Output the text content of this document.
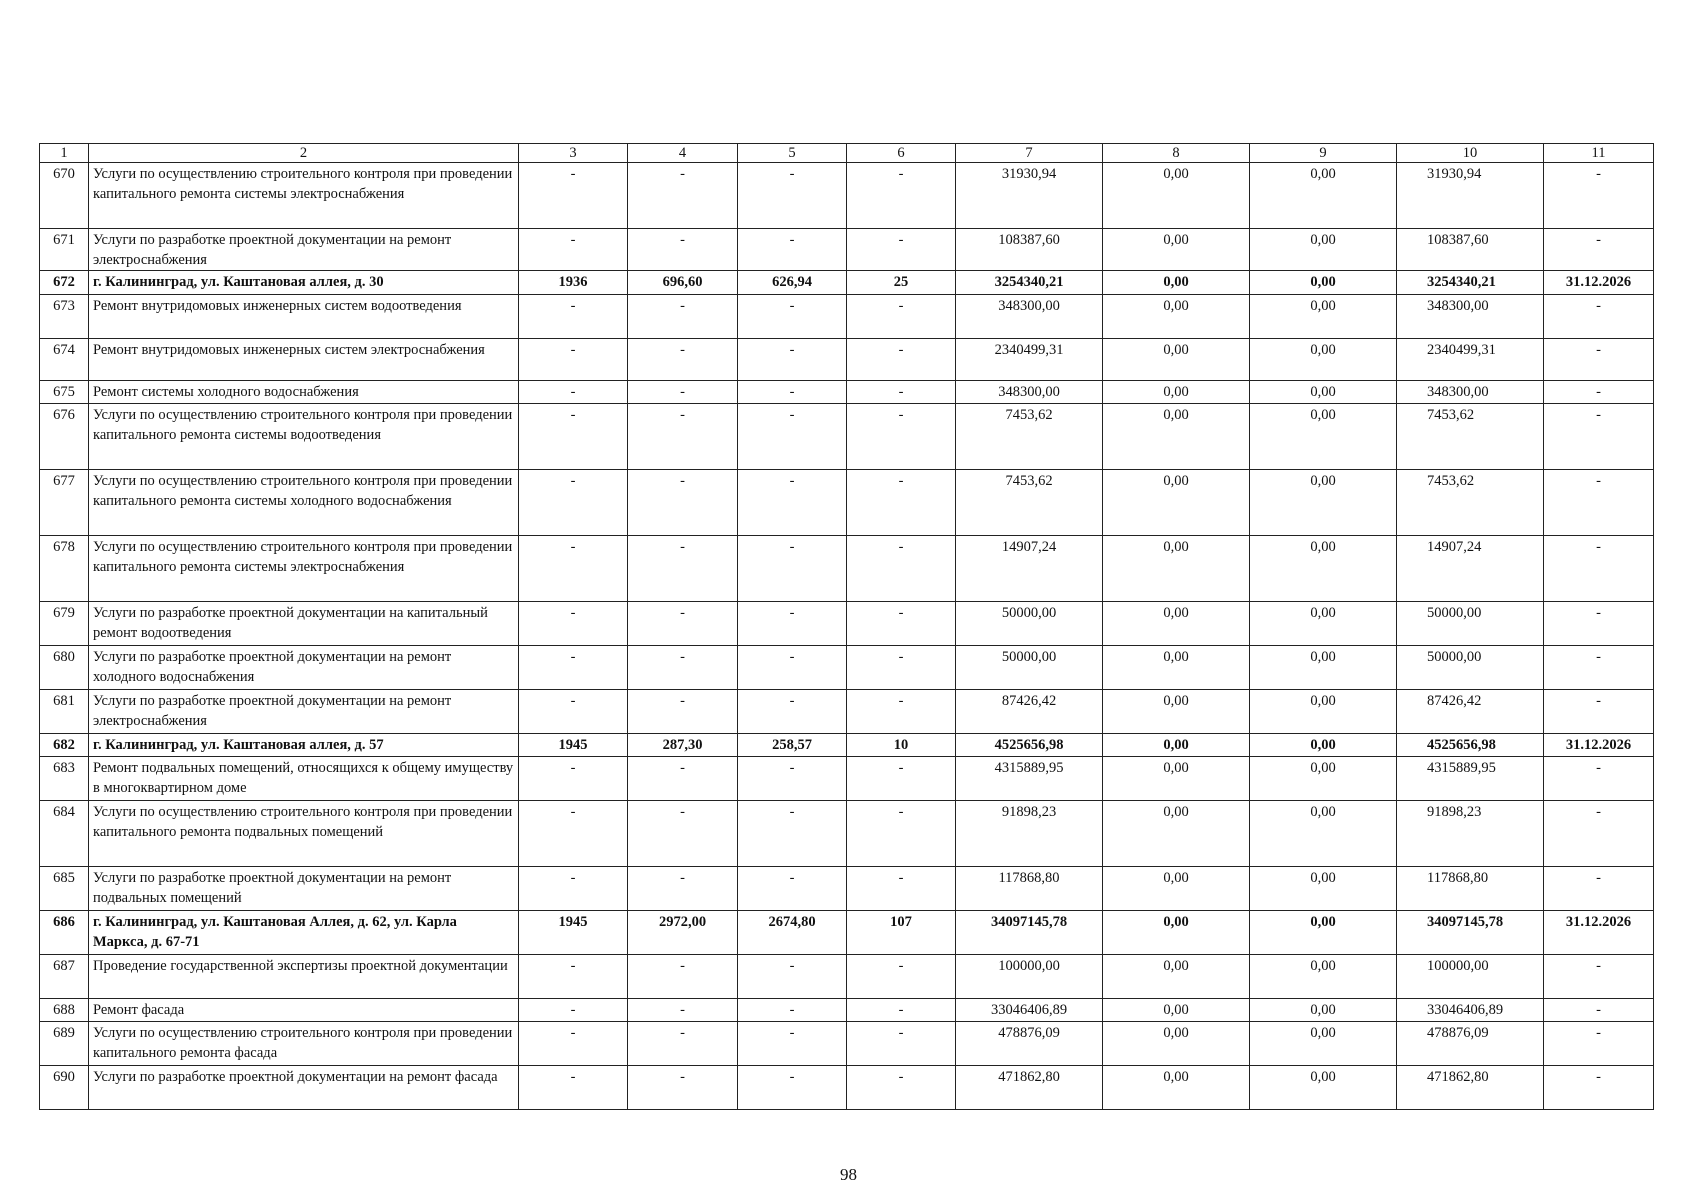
1	2	3	4	5	6	7	8	9	10	11
670	Услуги по осуществлению строительного контроля при проведении капитального ремонта системы электроснабжения	-	-	-	-	31930,94	0,00	0,00	31930,94	-
671	Услуги по разработке проектной документации на ремонт электроснабжения	-	-	-	-	108387,60	0,00	0,00	108387,60	-
672	г. Калининград, ул. Каштановая аллея, д. 30	1936	696,60	626,94	25	3254340,21	0,00	0,00	3254340,21	31.12.2026
673	Ремонт внутридомовых инженерных систем водоотведения	-	-	-	-	348300,00	0,00	0,00	348300,00	-
674	Ремонт внутридомовых инженерных систем электроснабжения	-	-	-	-	2340499,31	0,00	0,00	2340499,31	-
675	Ремонт системы холодного водоснабжения	-	-	-	-	348300,00	0,00	0,00	348300,00	-
676	Услуги по осуществлению строительного контроля при проведении капитального ремонта системы водоотведения	-	-	-	-	7453,62	0,00	0,00	7453,62	-
677	Услуги по осуществлению строительного контроля при проведении капитального ремонта системы холодного водоснабжения	-	-	-	-	7453,62	0,00	0,00	7453,62	-
678	Услуги по осуществлению строительного контроля при проведении капитального ремонта системы электроснабжения	-	-	-	-	14907,24	0,00	0,00	14907,24	-
679	Услуги по разработке проектной документации на капитальный ремонт водоотведения	-	-	-	-	50000,00	0,00	0,00	50000,00	-
680	Услуги по разработке проектной документации на ремонт холодного водоснабжения	-	-	-	-	50000,00	0,00	0,00	50000,00	-
681	Услуги по разработке проектной документации на ремонт электроснабжения	-	-	-	-	87426,42	0,00	0,00	87426,42	-
682	г. Калининград, ул. Каштановая аллея, д. 57	1945	287,30	258,57	10	4525656,98	0,00	0,00	4525656,98	31.12.2026
683	Ремонт подвальных помещений, относящихся к общему имуществу в многоквартирном доме	-	-	-	-	4315889,95	0,00	0,00	4315889,95	-
684	Услуги по осуществлению строительного контроля при проведении капитального ремонта подвальных помещений	-	-	-	-	91898,23	0,00	0,00	91898,23	-
685	Услуги по разработке проектной документации на ремонт подвальных помещений	-	-	-	-	117868,80	0,00	0,00	117868,80	-
686	г. Калининград, ул. Каштановая Аллея, д. 62, ул. Карла Маркса, д. 67-71	1945	2972,00	2674,80	107	34097145,78	0,00	0,00	34097145,78	31.12.2026
687	Проведение государственной экспертизы проектной документации	-	-	-	-	100000,00	0,00	0,00	100000,00	-
688	Ремонт фасада	-	-	-	-	33046406,89	0,00	0,00	33046406,89	-
689	Услуги по осуществлению строительного контроля при проведении капитального ремонта фасада	-	-	-	-	478876,09	0,00	0,00	478876,09	-
690	Услуги по разработке проектной документации на ремонт фасада	-	-	-	-	471862,80	0,00	0,00	471862,80	-
98
